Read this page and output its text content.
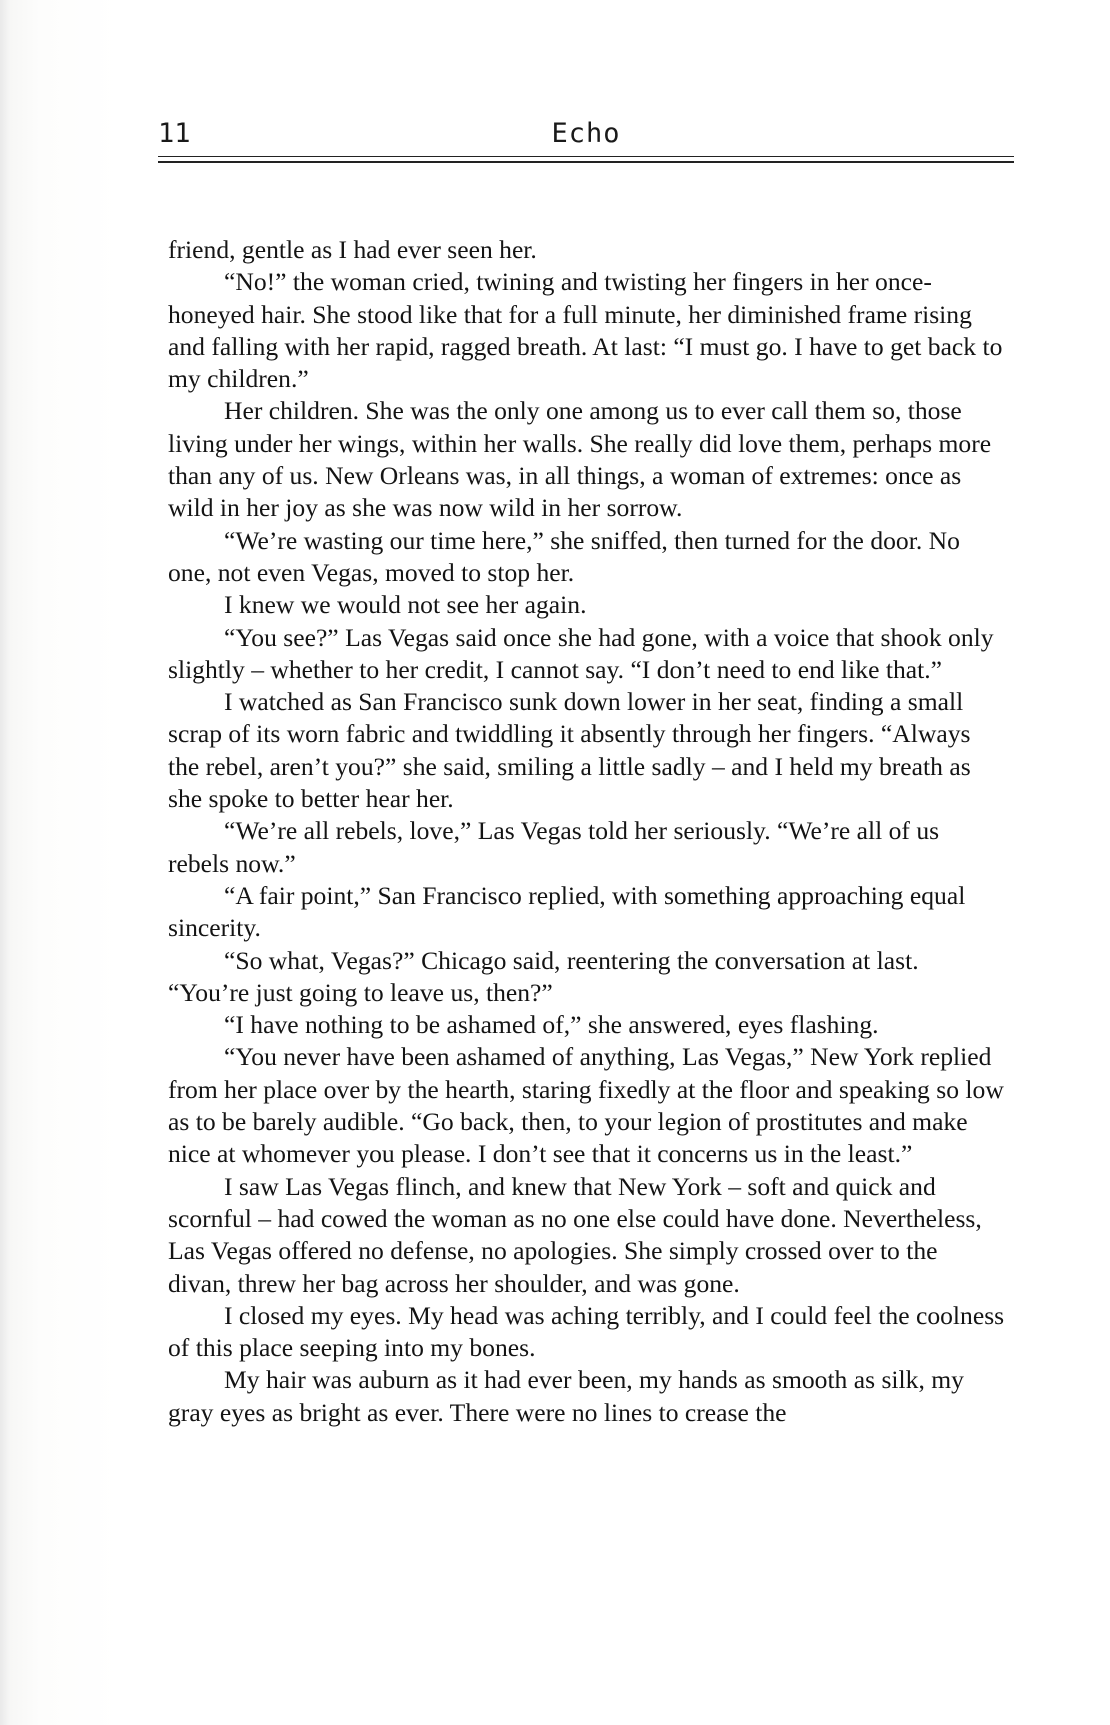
11	Echo

friend, gentle as I had ever seen her.

“No!” the woman cried, twining and twisting her fingers in her once-honeyed hair. She stood like that for a full minute, her diminished frame rising and falling with her rapid, ragged breath. At last: “I must go. I have to get back to my children.”

Her children. She was the only one among us to ever call them so, those living under her wings, within her walls. She really did love them, perhaps more than any of us. New Orleans was, in all things, a woman of extremes: once as wild in her joy as she was now wild in her sorrow.

“We’re wasting our time here,” she sniffed, then turned for the door. No one, not even Vegas, moved to stop her.

I knew we would not see her again.

“You see?” Las Vegas said once she had gone, with a voice that shook only slightly – whether to her credit, I cannot say. “I don’t need to end like that.”

I watched as San Francisco sunk down lower in her seat, finding a small scrap of its worn fabric and twiddling it absently through her fingers. “Always the rebel, aren’t you?” she said, smiling a little sadly – and I held my breath as she spoke to better hear her.

“We’re all rebels, love,” Las Vegas told her seriously. “We’re all of us rebels now.”

“A fair point,” San Francisco replied, with something approaching equal sincerity.

“So what, Vegas?” Chicago said, reentering the conversation at last. “You’re just going to leave us, then?”

“I have nothing to be ashamed of,” she answered, eyes flashing.

“You never have been ashamed of anything, Las Vegas,” New York replied from her place over by the hearth, staring fixedly at the floor and speaking so low as to be barely audible. “Go back, then, to your legion of prostitutes and make nice at whomever you please. I don’t see that it concerns us in the least.”

I saw Las Vegas flinch, and knew that New York – soft and quick and scornful – had cowed the woman as no one else could have done. Nevertheless, Las Vegas offered no defense, no apologies. She simply crossed over to the divan, threw her bag across her shoulder, and was gone.

I closed my eyes. My head was aching terribly, and I could feel the coolness of this place seeping into my bones.

My hair was auburn as it had ever been, my hands as smooth as silk, my gray eyes as bright as ever. There were no lines to crease the
